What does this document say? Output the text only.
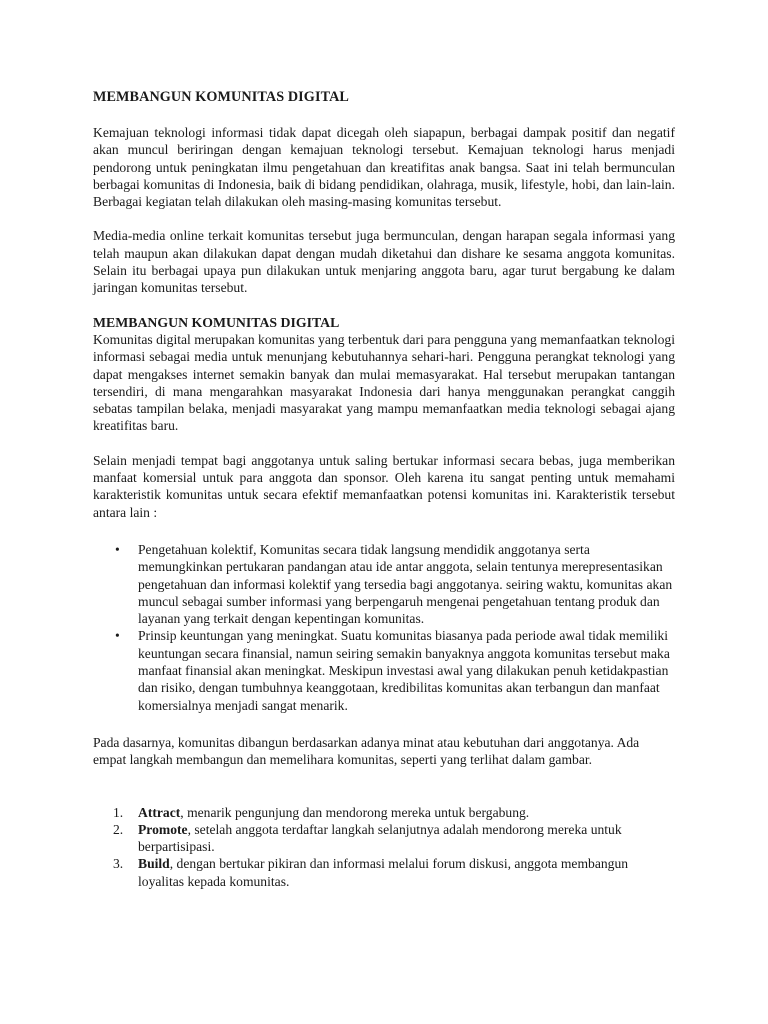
MEMBANGUN KOMUNITAS DIGITAL

Kemajuan teknologi informasi tidak dapat dicegah oleh siapapun, berbagai dampak positif dan negatif akan muncul beriringan dengan kemajuan teknologi tersebut. Kemajuan teknologi harus menjadi pendorong untuk peningkatan ilmu pengetahuan dan kreatifitas anak bangsa. Saat ini telah bermunculan berbagai komunitas di Indonesia, baik di bidang pendidikan, olahraga, musik, lifestyle, hobi, dan lain-lain. Berbagai kegiatan telah dilakukan oleh masing-masing komunitas tersebut.

Media-media online terkait komunitas tersebut juga bermunculan, dengan harapan segala informasi yang telah maupun akan dilakukan dapat dengan mudah diketahui dan dishare ke sesama anggota komunitas. Selain itu berbagai upaya pun dilakukan untuk menjaring anggota baru, agar turut bergabung ke dalam jaringan komunitas tersebut.

MEMBANGUN KOMUNITAS DIGITAL

Komunitas digital merupakan komunitas yang terbentuk dari para pengguna yang memanfaatkan teknologi informasi sebagai media untuk menunjang kebutuhannya sehari-hari. Pengguna perangkat teknologi yang dapat mengakses internet semakin banyak dan mulai memasyarakat. Hal tersebut merupakan tantangan tersendiri, di mana mengarahkan masyarakat Indonesia dari hanya menggunakan perangkat canggih sebatas tampilan belaka, menjadi masyarakat yang mampu memanfaatkan media teknologi sebagai ajang kreatifitas baru.

Selain menjadi tempat bagi anggotanya untuk saling bertukar informasi secara bebas, juga memberikan manfaat komersial untuk para anggota dan sponsor. Oleh karena itu sangat penting untuk memahami karakteristik komunitas untuk secara efektif memanfaatkan potensi komunitas ini. Karakteristik tersebut antara lain :

• Pengetahuan kolektif, Komunitas secara tidak langsung mendidik anggotanya serta memungkinkan pertukaran pandangan atau ide antar anggota, selain tentunya merepresentasikan pengetahuan dan informasi kolektif yang tersedia bagi anggotanya. seiring waktu, komunitas akan muncul sebagai sumber informasi yang berpengaruh mengenai pengetahuan tentang produk dan layanan yang terkait dengan kepentingan komunitas.
• Prinsip keuntungan yang meningkat. Suatu komunitas biasanya pada periode awal tidak memiliki keuntungan secara finansial, namun seiring semakin banyaknya anggota komunitas tersebut maka manfaat finansial akan meningkat. Meskipun investasi awal yang dilakukan penuh ketidakpastian dan risiko, dengan tumbuhnya keanggotaan, kredibilitas komunitas akan terbangun dan manfaat komersialnya menjadi sangat menarik.

Pada dasarnya, komunitas dibangun berdasarkan adanya minat atau kebutuhan dari anggotanya. Ada empat langkah membangun dan memelihara komunitas, seperti yang terlihat dalam gambar.

1. Attract, menarik pengunjung dan mendorong mereka untuk bergabung.
2. Promote, setelah anggota terdaftar langkah selanjutnya adalah mendorong mereka untuk berpartisipasi.
3. Build, dengan bertukar pikiran dan informasi melalui forum diskusi, anggota membangun loyalitas kepada komunitas.
